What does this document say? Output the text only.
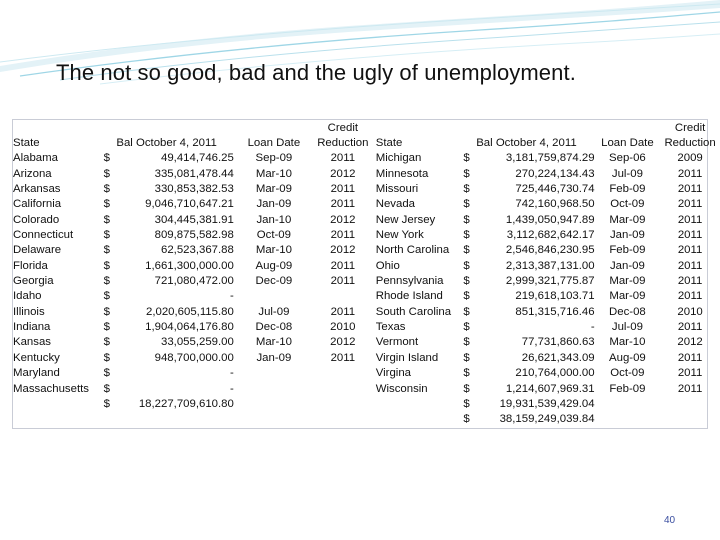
The not so good, bad and the ugly of unemployment.
				Credit					Credit
State		Bal October 4, 2011	Loan Date	Reduction	State		Bal October 4, 2011	Loan Date	Reduction
Alabama	$	49,414,746.25	Sep-09	2011	Michigan	$	3,181,759,874.29	Sep-06	2009
Arizona	$	335,081,478.44	Mar-10	2012	Minnesota	$	270,224,134.43	Jul-09	2011
Arkansas	$	330,853,382.53	Mar-09	2011	Missouri	$	725,446,730.74	Feb-09	2011
California	$	9,046,710,647.21	Jan-09	2011	Nevada	$	742,160,968.50	Oct-09	2011
Colorado	$	304,445,381.91	Jan-10	2012	New Jersey	$	1,439,050,947.89	Mar-09	2011
Connecticut	$	809,875,582.98	Oct-09	2011	New York	$	3,112,682,642.17	Jan-09	2011
Delaware	$	62,523,367.88	Mar-10	2012	North Carolina	$	2,546,846,230.95	Feb-09	2011
Florida	$	1,661,300,000.00	Aug-09	2011	Ohio	$	2,313,387,131.00	Jan-09	2011
Georgia	$	721,080,472.00	Dec-09	2011	Pennsylvania	$	2,999,321,775.87	Mar-09	2011
Idaho	$	-			Rhode Island	$	219,618,103.71	Mar-09	2011
Illinois	$	2,020,605,115.80	Jul-09	2011	South Carolina	$	851,315,716.46	Dec-08	2010
Indiana	$	1,904,064,176.80	Dec-08	2010	Texas	$	-	Jul-09	2011
Kansas	$	33,055,259.00	Mar-10	2012	Vermont	$	77,731,860.63	Mar-10	2012
Kentucky	$	948,700,000.00	Jan-09	2011	Virgin Island	$	26,621,343.09	Aug-09	2011
Maryland	$	-			Virgina	$	210,764,000.00	Oct-09	2011
Massachusetts	$	-			Wisconsin	$	1,214,607,969.31	Feb-09	2011
	$	18,227,709,610.80				$	19,931,539,429.04		
						$	38,159,249,039.84		
40
